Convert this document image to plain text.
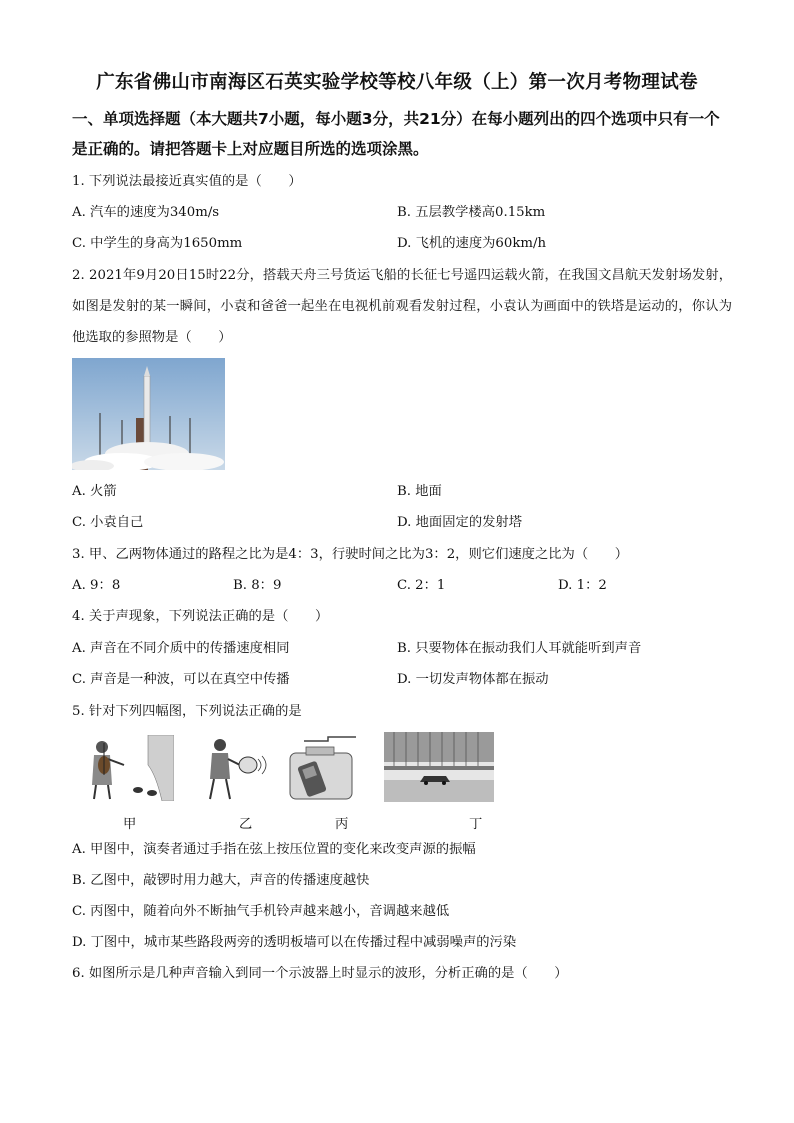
广东省佛山市南海区石英实验学校等校八年级（上）第一次月考物理试卷
一、单项选择题（本大题共7小题，每小题3分，共21分）在每小题列出的四个选项中只有一个是正确的。请把答题卡上对应题目所选的选项涂黑。
1. 下列说法最接近真实值的是（　　）
A. 汽车的速度为340m/s	B. 五层教学楼高0.15km
C. 中学生的身高为1650mm	D. 飞机的速度为60km/h
2. 2021年9月20日15时22分，搭载天舟三号货运飞船的长征七号遥四运载火箭，在我国文昌航天发射场发射，如图是发射的某一瞬间，小袁和爸爸一起坐在电视机前观看发射过程，小袁认为画面中的铁塔是运动的，你认为他选取的参照物是（　　）
A. 火箭	B. 地面
C. 小袁自己	D. 地面固定的发射塔
3. 甲、乙两物体通过的路程之比为是4：3，行驶时间之比为3：2，则它们速度之比为（　　）
A. 9：8	B. 8：9	C. 2：1	D. 1：2
4. 关于声现象，下列说法正确的是（　　）
A. 声音在不同介质中的传播速度相同	B. 只要物体在振动我们人耳就能听到声音
C. 声音是一种波，可以在真空中传播	D. 一切发声物体都在振动
5. 针对下列四幅图，下列说法正确的是
甲	乙	丙	丁
A. 甲图中，演奏者通过手指在弦上按压位置的变化来改变声源的振幅
B. 乙图中，敲锣时用力越大，声音的传播速度越快
C. 丙图中，随着向外不断抽气手机铃声越来越小，音调越来越低
D. 丁图中，城市某些路段两旁的透明板墙可以在传播过程中减弱噪声的污染
6. 如图所示是几种声音输入到同一个示波器上时显示的波形，分析正确的是（　　）
